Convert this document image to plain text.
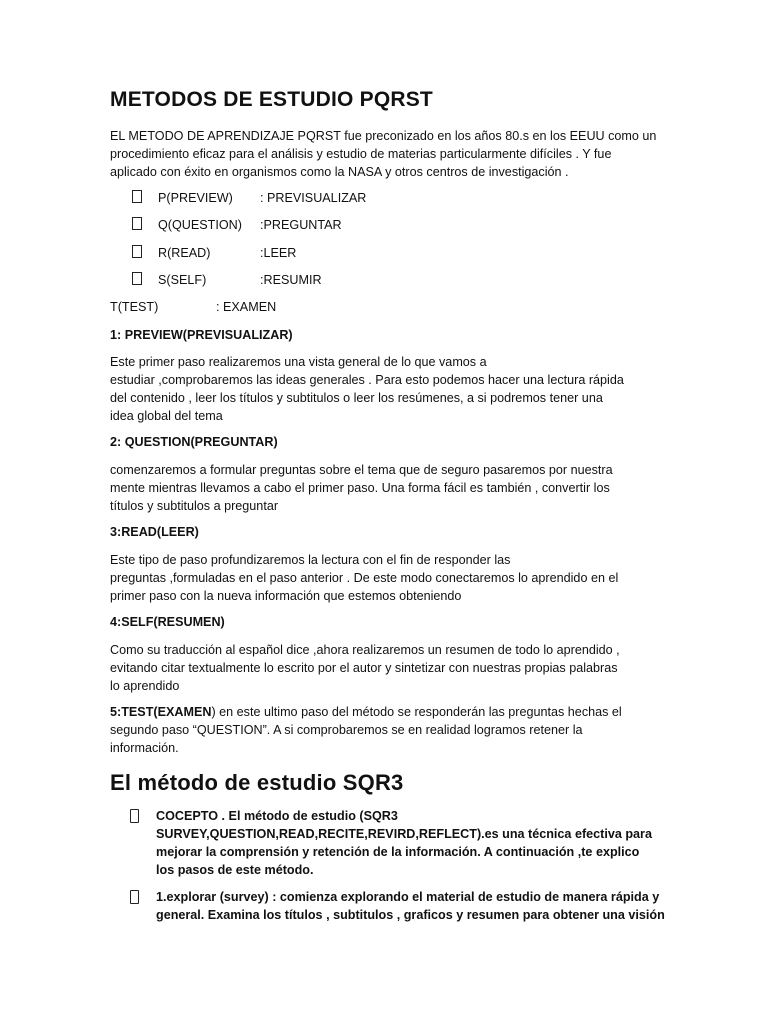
METODOS DE ESTUDIO PQRST
EL METODO DE APRENDIZAJE PQRST fue preconizado en los años 80.s en los EEUU como un
procedimiento eficaz para el análisis y estudio de materias particularmente difíciles . Y fue
aplicado con éxito en organismos como la NASA y otros centros de investigación .
P(PREVIEW) : PREVISUALIZAR
Q(QUESTION) :PREGUNTAR
R(READ)	:LEER
S(SELF)	:RESUMIR
T(TEST)	: EXAMEN
1: PREVIEW(PREVISUALIZAR)
Este primer paso realizaremos una vista general de lo que vamos a
estudiar ,comprobaremos las ideas generales . Para esto podemos hacer una lectura rápida
del contenido , leer los títulos y subtitulos o leer los resúmenes, a si podremos tener una
idea global del tema
2: QUESTION(PREGUNTAR)
comenzaremos a formular preguntas sobre el tema que de seguro pasaremos por nuestra
mente mientras llevamos a cabo el primer paso. Una forma fácil es también , convertir los
títulos y subtitulos a preguntar
3:READ(LEER)
Este tipo de paso profundizaremos la lectura con el fin de responder las
preguntas ,formuladas en el paso anterior . De este modo conectaremos lo aprendido en el
primer paso con la nueva información que estemos obteniendo
4:SELF(RESUMEN)
Como su traducción al español dice ,ahora realizaremos un resumen de todo lo aprendido ,
evitando citar textualmente lo escrito por el autor y sintetizar con nuestras propias palabras
lo aprendido
5:TEST(EXAMEN) en este ultimo paso del método se responderán las preguntas hechas el
segundo paso “QUESTION”. A si comprobaremos se en realidad logramos retener la
información.
El método de estudio SQR3
COCEPTO . El método de estudio (SQR3
SURVEY,QUESTION,READ,RECITE,REVIRD,REFLECT).es una técnica efectiva para
mejorar la comprensión y retención de la información. A continuación ,te explico
los pasos de este método.
1.explorar (survey) : comienza explorando el material de estudio de manera rápida y
general. Examina los títulos , subtitulos , graficos y resumen para obtener una visión
